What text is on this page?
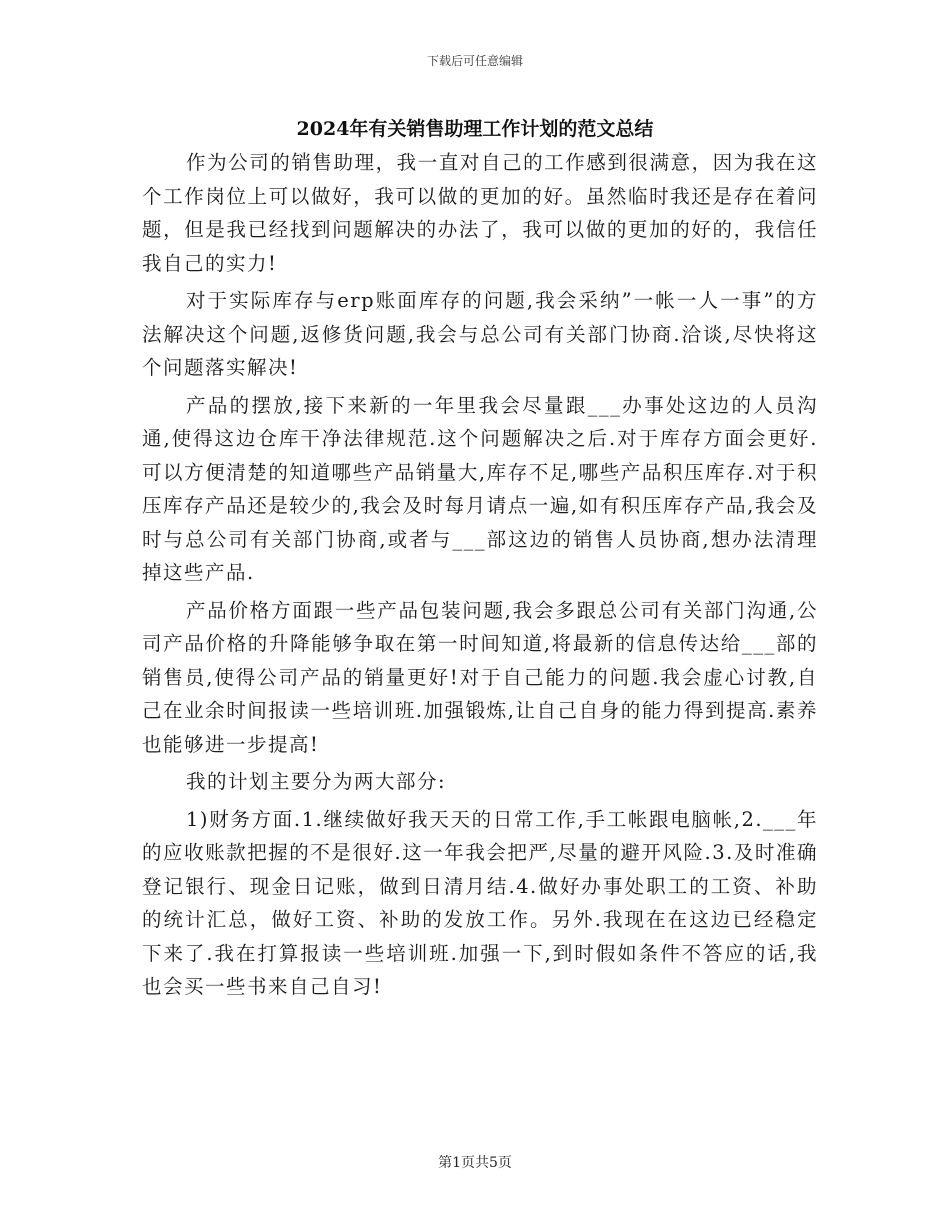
下载后可任意编辑
2024年有关销售助理工作计划的范文总结

作为公司的销售助理，我一直对自己的工作感到很满意，因为我在这个工作岗位上可以做好，我可以做的更加的好。虽然临时我还是存在着问题，但是我已经找到问题解决的办法了，我可以做的更加的好的，我信任我自己的实力!

对于实际库存与erp账面库存的问题,我会采纳”一帐一人一事”的方法解决这个问题,返修货问题,我会与总公司有关部门协商.洽谈,尽快将这个问题落实解决!

产品的摆放,接下来新的一年里我会尽量跟___办事处这边的人员沟通,使得这边仓库干净法律规范.这个问题解决之后.对于库存方面会更好.可以方便清楚的知道哪些产品销量大,库存不足,哪些产品积压库存.对于积压库存产品还是较少的,我会及时每月请点一遍,如有积压库存产品,我会及时与总公司有关部门协商,或者与___部这边的销售人员协商,想办法清理掉这些产品.

产品价格方面跟一些产品包装问题,我会多跟总公司有关部门沟通,公司产品价格的升降能够争取在第一时间知道,将最新的信息传达给___部的销售员,使得公司产品的销量更好!对于自己能力的问题.我会虚心讨教,自己在业余时间报读一些培训班.加强锻炼,让自己自身的能力得到提高.素养也能够进一步提高!

我的计划主要分为两大部分:

1)财务方面.1.继续做好我天天的日常工作,手工帐跟电脑帐,2.___年的应收账款把握的不是很好.这一年我会把严,尽量的避开风险.3.及时准确登记银行、现金日记账，做到日清月结.4.做好办事处职工的工资、补助的统计汇总，做好工资、补助的发放工作。另外.我现在在这边已经稳定下来了.我在打算报读一些培训班.加强一下,到时假如条件不答应的话,我也会买一些书来自己自习!

第1页共5页
